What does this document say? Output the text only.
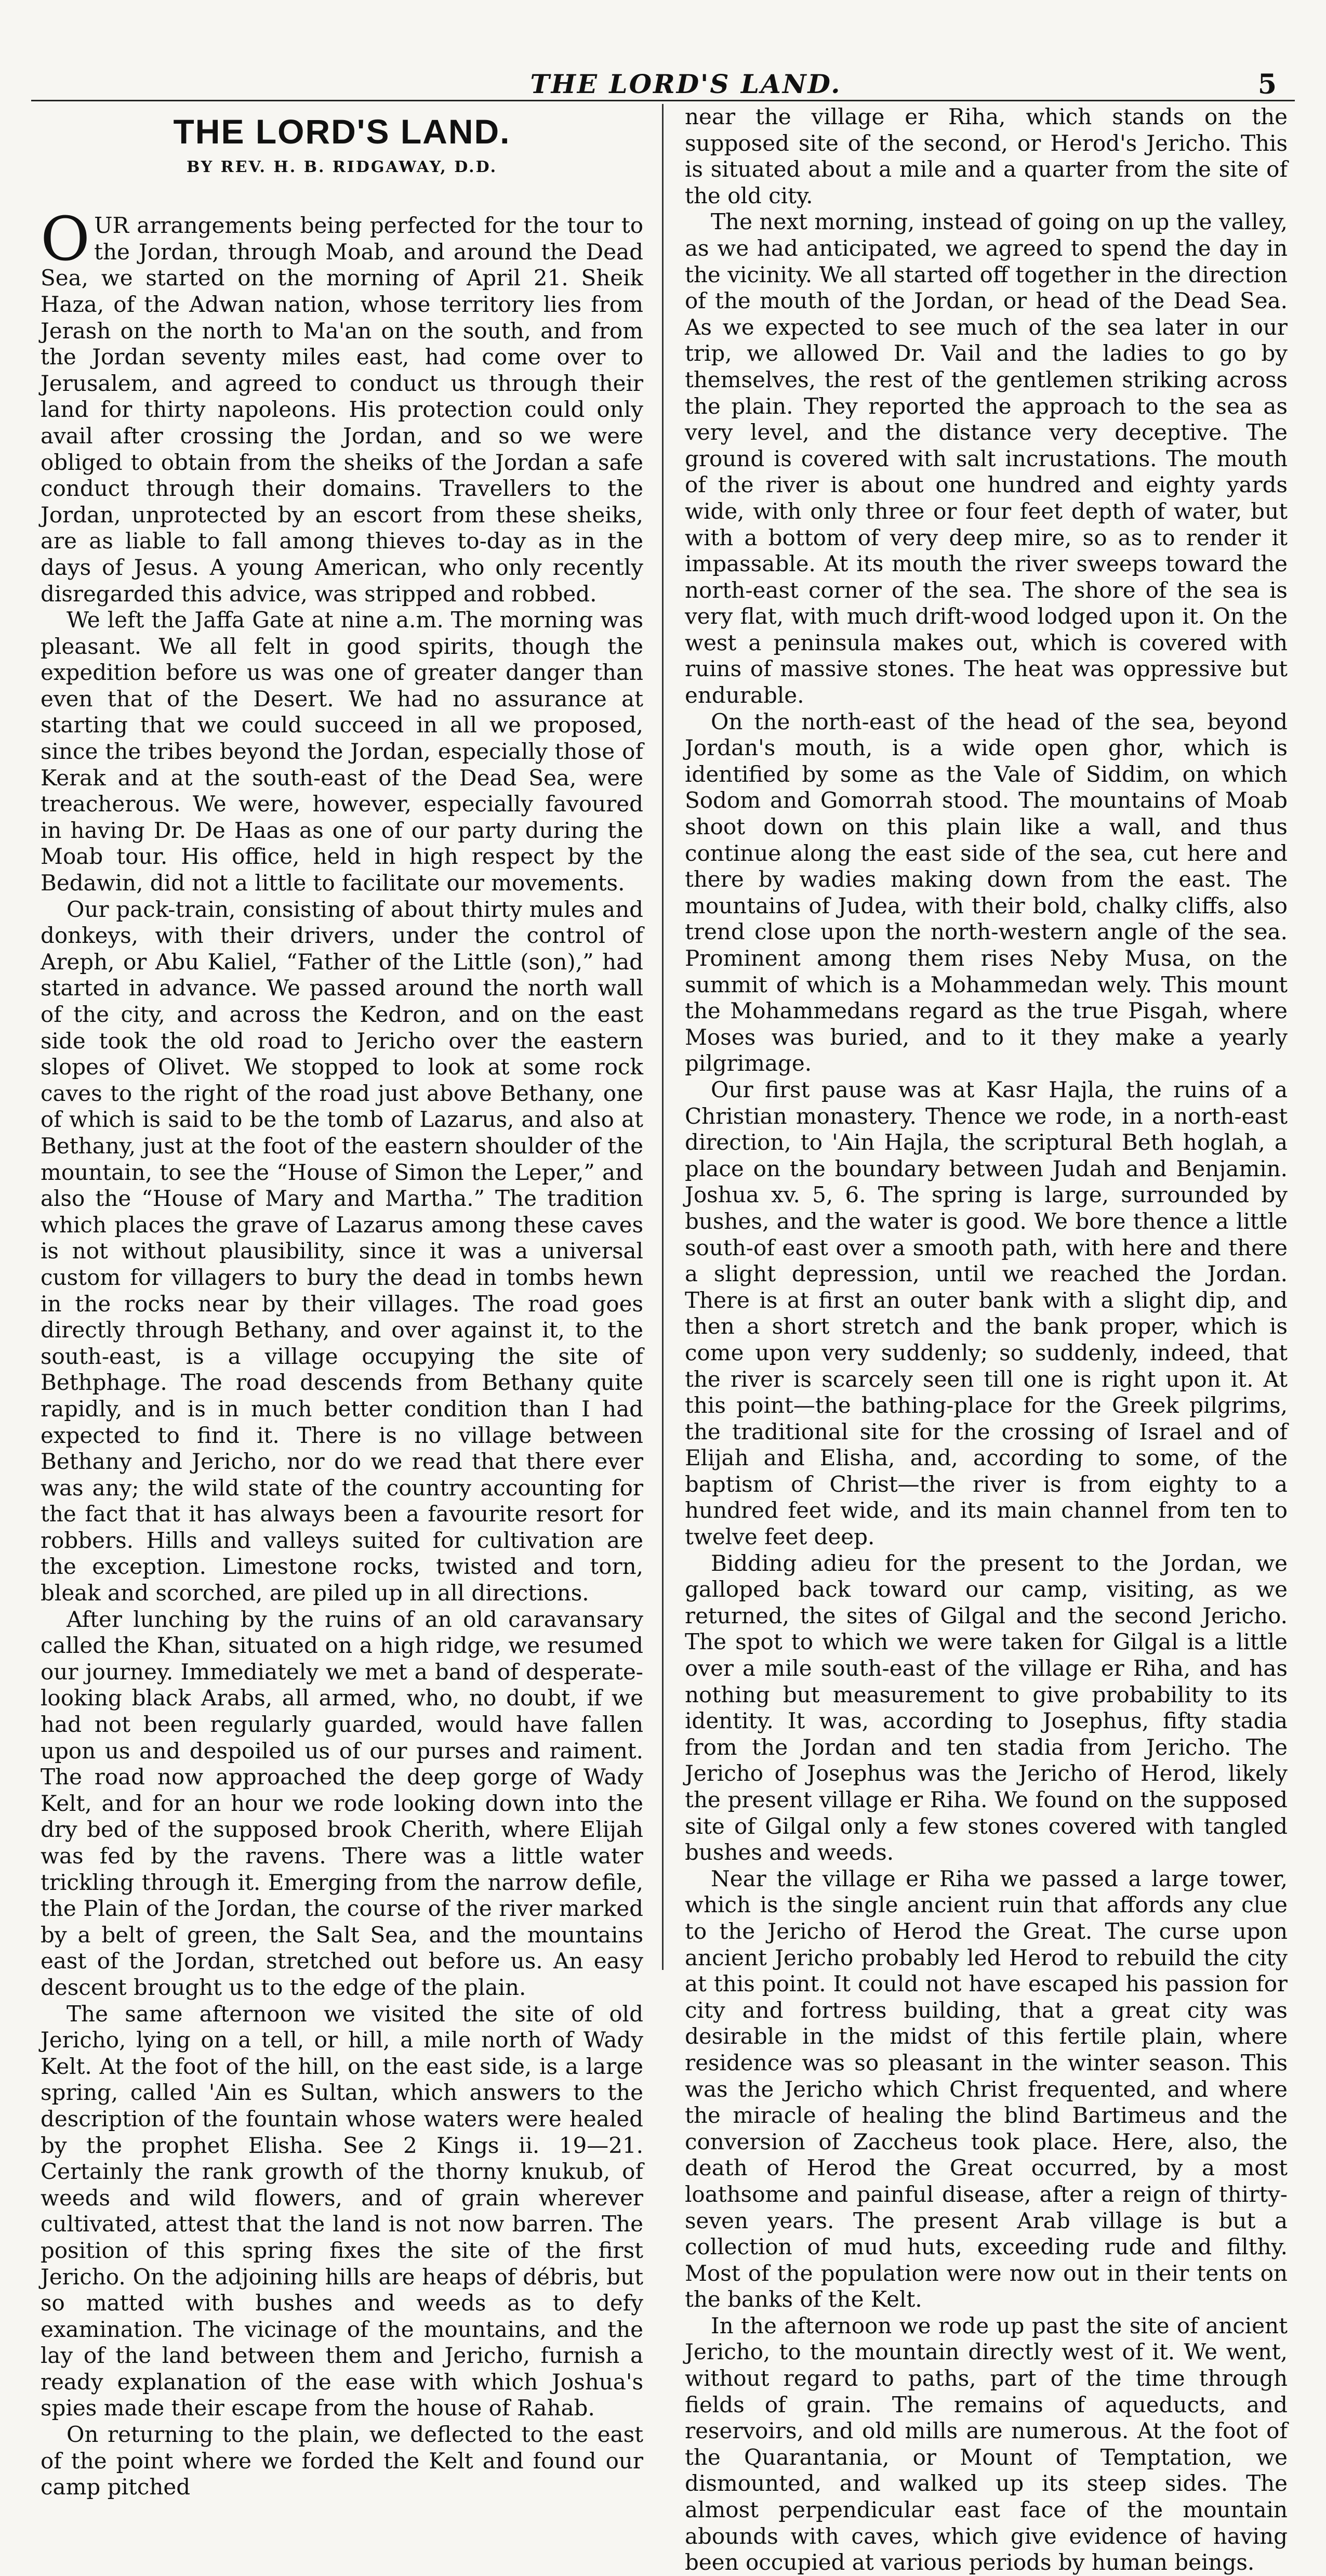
THE LORD'S LAND.	5
THE LORD'S LAND.
BY REV. H. B. RIDGAWAY, D.D.

OUR arrangements being perfected for the tour to the Jordan, through Moab, and around the Dead Sea, we started on the morning of April 21. Sheik Haza, of the Adwan nation, whose territory lies from Jerash on the north to Ma'an on the south, and from the Jordan seventy miles east, had come over to Jerusalem, and agreed to conduct us through their land for thirty napoleons. His protection could only avail after crossing the Jordan, and so we were obliged to obtain from the sheiks of the Jordan a safe conduct through their domains. Travellers to the Jordan, unprotected by an escort from these sheiks, are as liable to fall among thieves to-day as in the days of Jesus. A young American, who only recently disregarded this advice, was stripped and robbed.

We left the Jaffa Gate at nine a.m. The morning was pleasant. We all felt in good spirits, though the expedition before us was one of greater danger than even that of the Desert. We had no assurance at starting that we could succeed in all we proposed, since the tribes beyond the Jordan, especially those of Kerak and at the south-east of the Dead Sea, were treacherous. We were, however, especially favoured in having Dr. De Haas as one of our party during the Moab tour. His office, held in high respect by the Bedawin, did not a little to facilitate our movements.

Our pack-train, consisting of about thirty mules and donkeys, with their drivers, under the control of Areph, or Abu Kaliel, “Father of the Little (son),” had started in advance. We passed around the north wall of the city, and across the Kedron, and on the east side took the old road to Jericho over the eastern slopes of Olivet. We stopped to look at some rock caves to the right of the road just above Bethany, one of which is said to be the tomb of Lazarus, and also at Bethany, just at the foot of the eastern shoulder of the mountain, to see the “House of Simon the Leper,” and also the “House of Mary and Martha.” The tradition which places the grave of Lazarus among these caves is not without plausibility, since it was a universal custom for villagers to bury the dead in tombs hewn in the rocks near by their villages. The road goes directly through Bethany, and over against it, to the south-east, is a village occupying the site of Bethphage. The road descends from Bethany quite rapidly, and is in much better condition than I had expected to find it. There is no village between Bethany and Jericho, nor do we read that there ever was any; the wild state of the country accounting for the fact that it has always been a favourite resort for robbers. Hills and valleys suited for cultivation are the exception. Limestone rocks, twisted and torn, bleak and scorched, are piled up in all directions.

After lunching by the ruins of an old caravansary called the Khan, situated on a high ridge, we resumed our journey. Immediately we met a band of desperate-looking black Arabs, all armed, who, no doubt, if we had not been regularly guarded, would have fallen upon us and despoiled us of our purses and raiment. The road now approached the deep gorge of Wady Kelt, and for an hour we rode looking down into the dry bed of the supposed brook Cherith, where Elijah was fed by the ravens. There was a little water trickling through it. Emerging from the narrow defile, the Plain of the Jordan, the course of the river marked by a belt of green, the Salt Sea, and the mountains east of the Jordan, stretched out before us. An easy descent brought us to the edge of the plain.

The same afternoon we visited the site of old Jericho, lying on a tell, or hill, a mile north of Wady Kelt. At the foot of the hill, on the east side, is a large spring, called 'Ain es Sultan, which answers to the description of the fountain whose waters were healed by the prophet Elisha. See 2 Kings ii. 19—21. Certainly the rank growth of the thorny knukub, of weeds and wild flowers, and of grain wherever cultivated, attest that the land is not now barren. The position of this spring fixes the site of the first Jericho. On the adjoining hills are heaps of débris, but so matted with bushes and weeds as to defy examination. The vicinage of the mountains, and the lay of the land between them and Jericho, furnish a ready explanation of the ease with which Joshua's spies made their escape from the house of Rahab.

On returning to the plain, we deflected to the east of the point where we forded the Kelt and found our camp pitched

near the village er Riha, which stands on the supposed site of the second, or Herod's Jericho. This is situated about a mile and a quarter from the site of the old city.

The next morning, instead of going on up the valley, as we had anticipated, we agreed to spend the day in the vicinity. We all started off together in the direction of the mouth of the Jordan, or head of the Dead Sea. As we expected to see much of the sea later in our trip, we allowed Dr. Vail and the ladies to go by themselves, the rest of the gentlemen striking across the plain. They reported the approach to the sea as very level, and the distance very deceptive. The ground is covered with salt incrustations. The mouth of the river is about one hundred and eighty yards wide, with only three or four feet depth of water, but with a bottom of very deep mire, so as to render it impassable. At its mouth the river sweeps toward the north-east corner of the sea. The shore of the sea is very flat, with much drift-wood lodged upon it. On the west a peninsula makes out, which is covered with ruins of massive stones. The heat was oppressive but endurable.

On the north-east of the head of the sea, beyond Jordan's mouth, is a wide open ghor, which is identified by some as the Vale of Siddim, on which Sodom and Gomorrah stood. The mountains of Moab shoot down on this plain like a wall, and thus continue along the east side of the sea, cut here and there by wadies making down from the east. The mountains of Judea, with their bold, chalky cliffs, also trend close upon the north-western angle of the sea. Prominent among them rises Neby Musa, on the summit of which is a Mohammedan wely. This mount the Mohammedans regard as the true Pisgah, where Moses was buried, and to it they make a yearly pilgrimage.

Our first pause was at Kasr Hajla, the ruins of a Christian monastery. Thence we rode, in a north-east direction, to 'Ain Hajla, the scriptural Beth hoglah, a place on the boundary between Judah and Benjamin. Joshua xv. 5, 6. The spring is large, surrounded by bushes, and the water is good. We bore thence a little south-of east over a smooth path, with here and there a slight depression, until we reached the Jordan. There is at first an outer bank with a slight dip, and then a short stretch and the bank proper, which is come upon very suddenly; so suddenly, indeed, that the river is scarcely seen till one is right upon it. At this point—the bathing-place for the Greek pilgrims, the traditional site for the crossing of Israel and of Elijah and Elisha, and, according to some, of the baptism of Christ—the river is from eighty to a hundred feet wide, and its main channel from ten to twelve feet deep.

Bidding adieu for the present to the Jordan, we galloped back toward our camp, visiting, as we returned, the sites of Gilgal and the second Jericho. The spot to which we were taken for Gilgal is a little over a mile south-east of the village er Riha, and has nothing but measurement to give probability to its identity. It was, according to Josephus, fifty stadia from the Jordan and ten stadia from Jericho. The Jericho of Josephus was the Jericho of Herod, likely the present village er Riha. We found on the supposed site of Gilgal only a few stones covered with tangled bushes and weeds.

Near the village er Riha we passed a large tower, which is the single ancient ruin that affords any clue to the Jericho of Herod the Great. The curse upon ancient Jericho probably led Herod to rebuild the city at this point. It could not have escaped his passion for city and fortress building, that a great city was desirable in the midst of this fertile plain, where residence was so pleasant in the winter season. This was the Jericho which Christ frequented, and where the miracle of healing the blind Bartimeus and the conversion of Zaccheus took place. Here, also, the death of Herod the Great occurred, by a most loathsome and painful disease, after a reign of thirty-seven years. The present Arab village is but a collection of mud huts, exceeding rude and filthy. Most of the population were now out in their tents on the banks of the Kelt.

In the afternoon we rode up past the site of ancient Jericho, to the mountain directly west of it. We went, without regard to paths, part of the time through fields of grain. The remains of aqueducts, and reservoirs, and old mills are numerous. At the foot of the Quarantania, or Mount of Temptation, we dismounted, and walked up its steep sides. The almost perpendicular east face of the mountain abounds with caves, which give evidence of having been occupied at various periods by human beings.
